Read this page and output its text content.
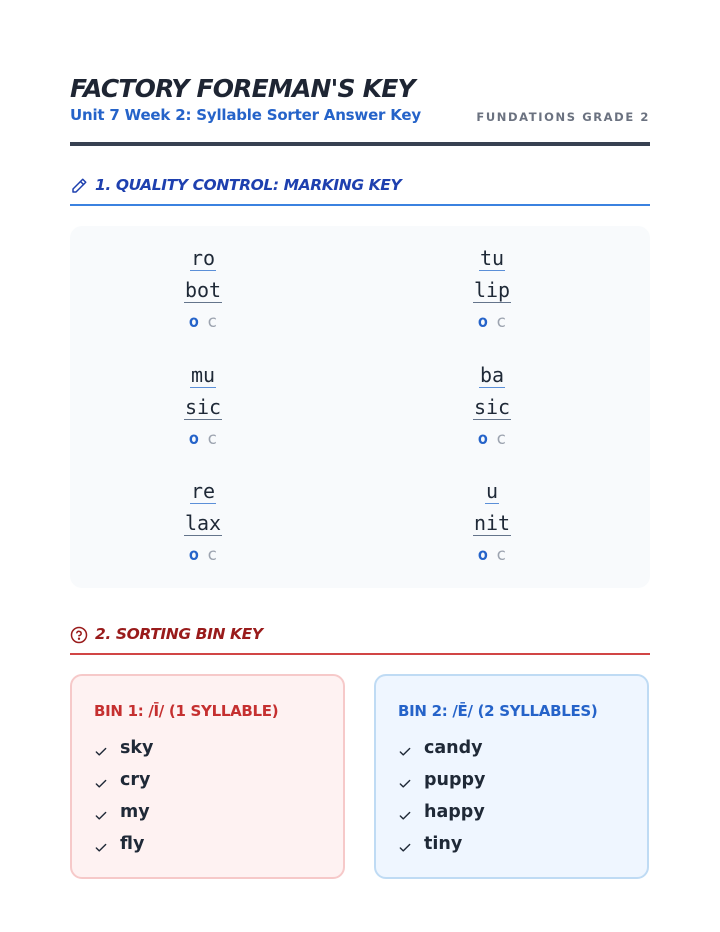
FACTORY FOREMAN'S KEY
Unit 7 Week 2: Syllable Sorter Answer Key	FUNDATIONS GRADE 2
1. QUALITY CONTROL: MARKING KEY
ro
bot
o c
tu
lip
o c
mu
sic
o c
ba
sic
o c
re
lax
o c
u
nit
o c
2. SORTING BIN KEY
BIN 1: /Ī/ (1 SYLLABLE)
sky
cry
my
fly
BIN 2: /Ē/ (2 SYLLABLES)
candy
puppy
happy
tiny
